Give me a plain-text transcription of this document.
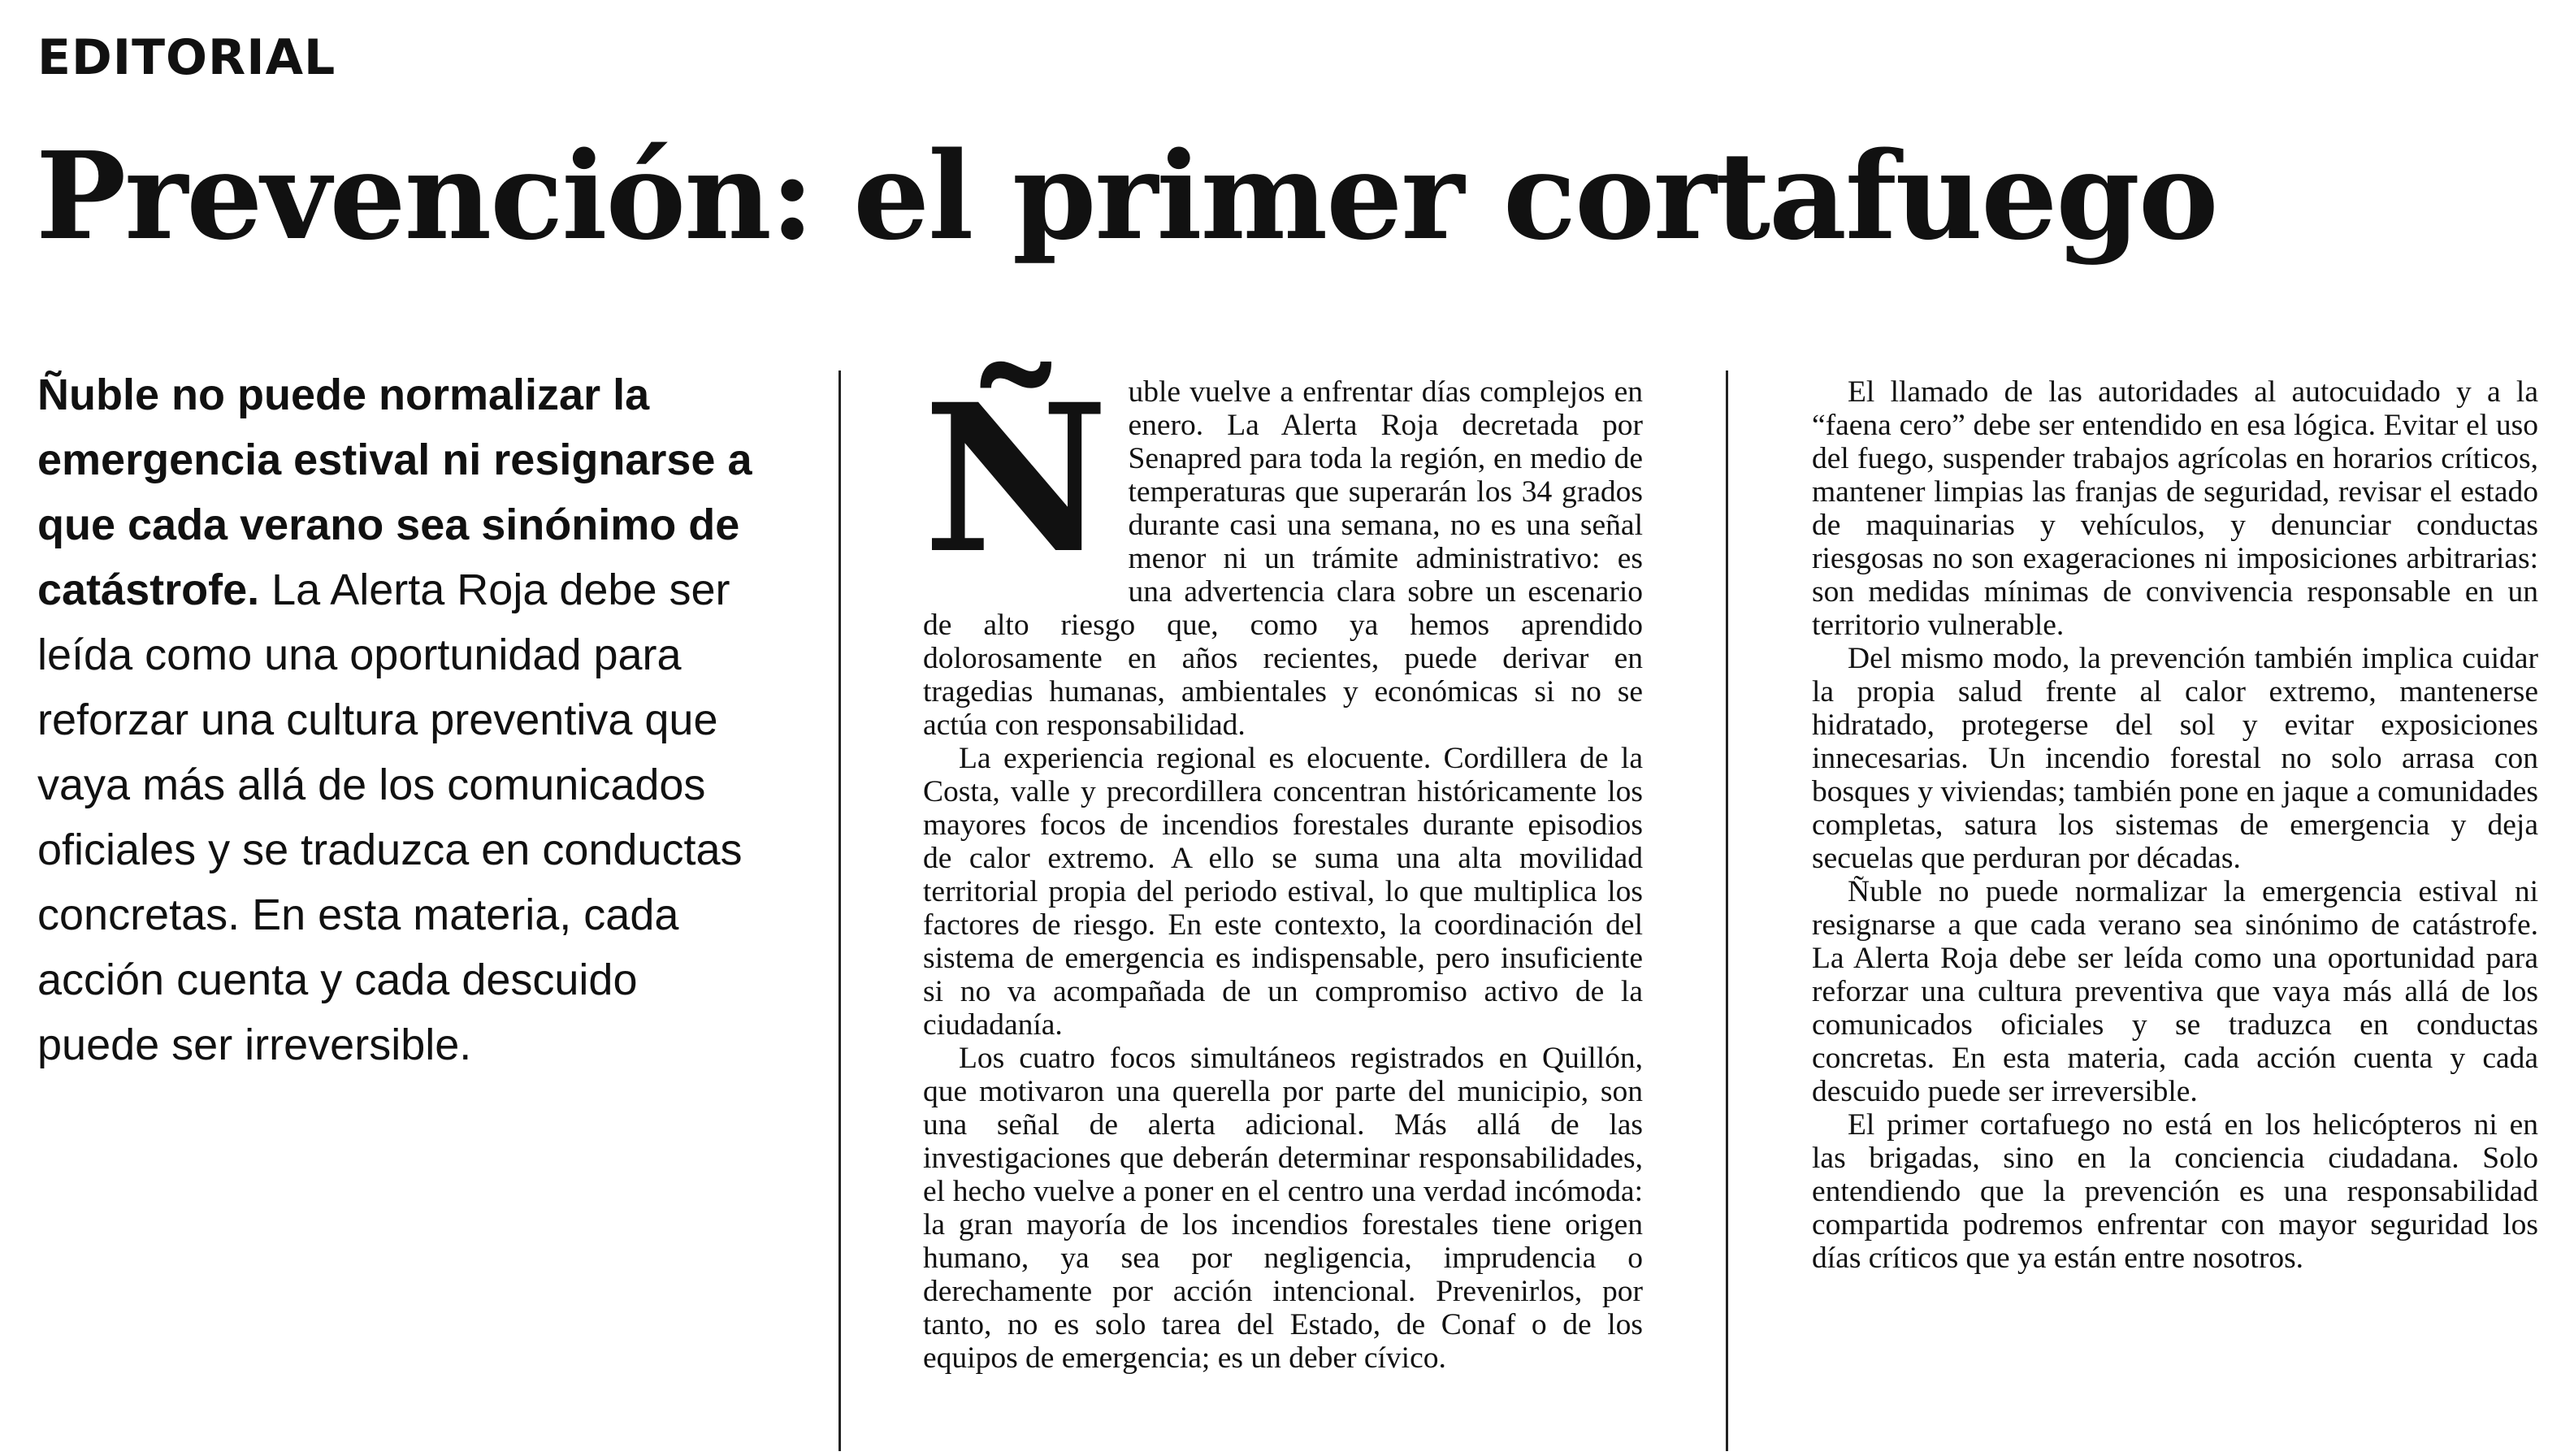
EDITORIAL
Prevención: el primer cortafuego

Ñuble no puede normalizar la emergencia estival ni resignarse a que cada verano sea sinónimo de catástrofe. La Alerta Roja debe ser leída como una oportunidad para reforzar una cultura preventiva que vaya más allá de los comunicados oficiales y se traduzca en conductas concretas. En esta materia, cada acción cuenta y cada descuido puede ser irreversible.

Ñuble vuelve a enfrentar días complejos en enero. La Alerta Roja decretada por Senapred para toda la región, en medio de temperaturas que superarán los 34 grados durante casi una semana, no es una señal menor ni un trámite administrativo: es una advertencia clara sobre un escenario de alto riesgo que, como ya hemos aprendido dolorosamente en años recientes, puede derivar en tragedias humanas, ambientales y económicas si no se actúa con responsabilidad.

La experiencia regional es elocuente. Cordillera de la Costa, valle y precordillera concentran históricamente los mayores focos de incendios forestales durante episodios de calor extremo. A ello se suma una alta movilidad territorial propia del periodo estival, lo que multiplica los factores de riesgo. En este contexto, la coordinación del sistema de emergencia es indispensable, pero insuficiente si no va acompañada de un compromiso activo de la ciudadanía.

Los cuatro focos simultáneos registrados en Quillón, que motivaron una querella por parte del municipio, son una señal de alerta adicional. Más allá de las investigaciones que deberán determinar responsabilidades, el hecho vuelve a poner en el centro una verdad incómoda: la gran mayoría de los incendios forestales tiene origen humano, ya sea por negligencia, imprudencia o derechamente por acción intencional. Prevenirlos, por tanto, no es solo tarea del Estado, de Conaf o de los equipos de emergencia; es un deber cívico.

El llamado de las autoridades al autocuidado y a la “faena cero” debe ser entendido en esa lógica. Evitar el uso del fuego, suspender trabajos agrícolas en horarios críticos, mantener limpias las franjas de seguridad, revisar el estado de maquinarias y vehículos, y denunciar conductas riesgosas no son exageraciones ni imposiciones arbitrarias: son medidas mínimas de convivencia responsable en un territorio vulnerable.

Del mismo modo, la prevención también implica cuidar la propia salud frente al calor extremo, mantenerse hidratado, protegerse del sol y evitar exposiciones innecesarias. Un incendio forestal no solo arrasa con bosques y viviendas; también pone en jaque a comunidades completas, satura los sistemas de emergencia y deja secuelas que perduran por décadas.

Ñuble no puede normalizar la emergencia estival ni resignarse a que cada verano sea sinónimo de catástrofe. La Alerta Roja debe ser leída como una oportunidad para reforzar una cultura preventiva que vaya más allá de los comunicados oficiales y se traduzca en conductas concretas. En esta materia, cada acción cuenta y cada descuido puede ser irreversible.

El primer cortafuego no está en los helicópteros ni en las brigadas, sino en la conciencia ciudadana. Solo entendiendo que la prevención es una responsabilidad compartida podremos enfrentar con mayor seguridad los días críticos que ya están entre nosotros.
